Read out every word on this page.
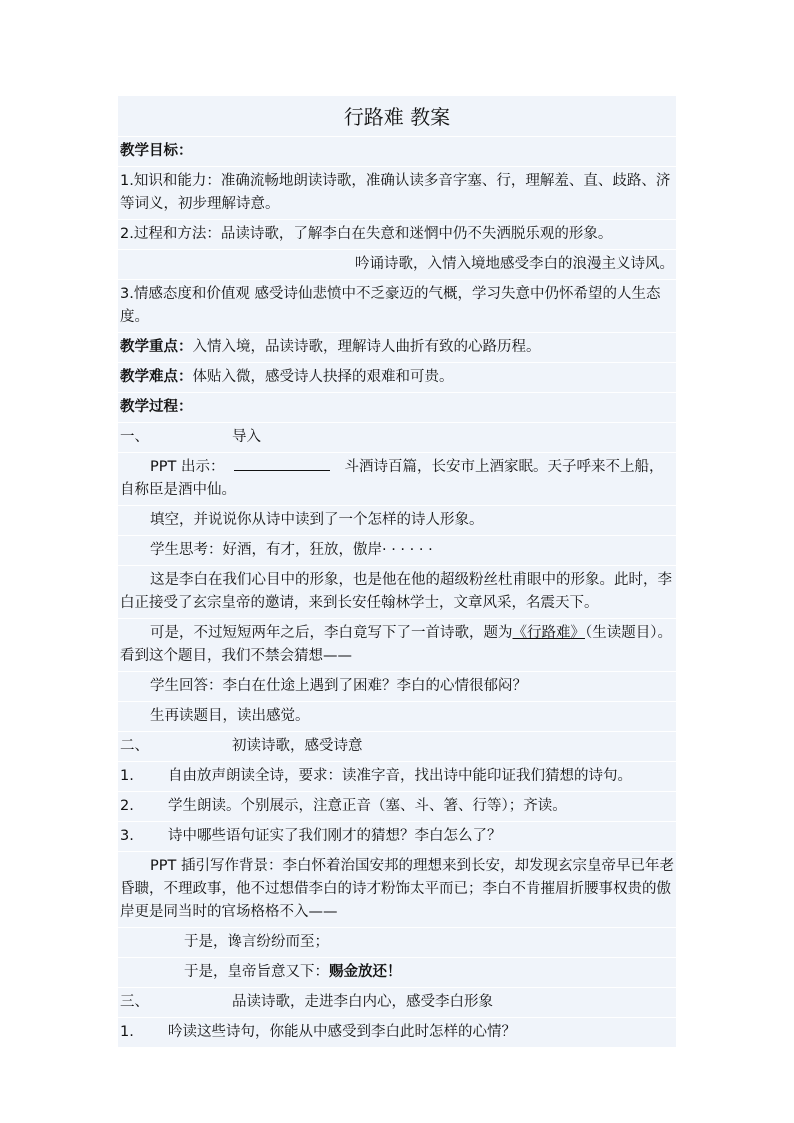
行路难 教案
教学目标：
1.知识和能力：准确流畅地朗读诗歌，准确认读多音字塞、行，理解羞、直、歧路、济等词义，初步理解诗意。
2.过程和方法：品读诗歌，了解李白在失意和迷惘中仍不失洒脱乐观的形象。
吟诵诗歌，入情入境地感受李白的浪漫主义诗风。
3.情感态度和价值观 感受诗仙悲愤中不乏豪迈的气概，学习失意中仍怀希望的人生态度。
教学重点：入情入境，品读诗歌，理解诗人曲折有致的心路历程。
教学难点：体贴入微，感受诗人抉择的艰难和可贵。
教学过程：
一、	导入
PPT 出示：	斗酒诗百篇，长安市上酒家眠。天子呼来不上船，自称臣是酒中仙。
填空，并说说你从诗中读到了一个怎样的诗人形象。
学生思考：好酒，有才，狂放，傲岸· · · · · ·
这是李白在我们心目中的形象，也是他在他的超级粉丝杜甫眼中的形象。此时，李白正接受了玄宗皇帝的邀请，来到长安任翰林学士，文章风采，名震天下。
可是，不过短短两年之后，李白竟写下了一首诗歌，题为《行路难》（生读题目）。看到这个题目，我们不禁会猜想——
学生回答：李白在仕途上遇到了困难？李白的心情很郁闷？
生再读题目，读出感觉。
二、	初读诗歌，感受诗意
1. 自由放声朗读全诗，要求：读准字音，找出诗中能印证我们猜想的诗句。
2. 学生朗读。个别展示，注意正音（塞、斗、箸、行等）；齐读。
3. 诗中哪些语句证实了我们刚才的猜想？李白怎么了？
PPT 插引写作背景：李白怀着治国安邦的理想来到长安，却发现玄宗皇帝早已年老昏聩，不理政事，他不过想借李白的诗才粉饰太平而已；李白不肯摧眉折腰事权贵的傲岸更是同当时的官场格格不入——
于是，谗言纷纷而至；
于是，皇帝旨意又下：赐金放还！
三、	品读诗歌，走进李白内心，感受李白形象
1. 吟读这些诗句，你能从中感受到李白此时怎样的心情？
